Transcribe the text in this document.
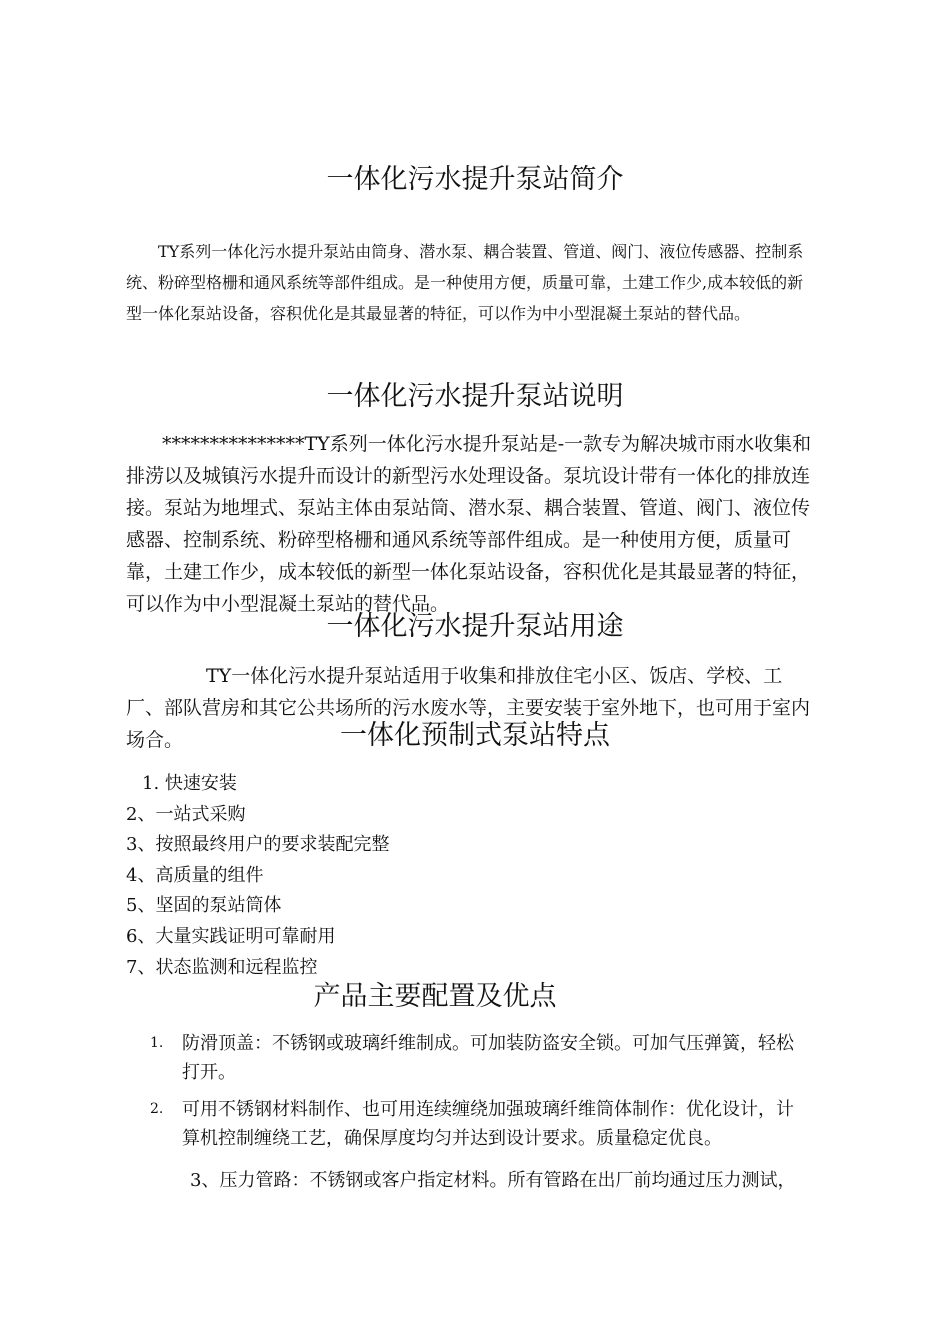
一体化污水提升泵站简介

TY系列一体化污水提升泵站由筒身、潜水泵、耦合装置、管道、阀门、液位传感器、控制系统、粉碎型格栅和通风系统等部件组成。是一种使用方便，质量可靠，土建工作少,成本较低的新型一体化泵站设备，容积优化是其最显著的特征，可以作为中小型混凝土泵站的替代品。

一体化污水提升泵站说明

***************TY系列一体化污水提升泵站是-一款专为解决城市雨水收集和排涝以及城镇污水提升而设计的新型污水处理设备。泵坑设计带有一体化的排放连接。泵站为地埋式、泵站主体由泵站筒、潜水泵、耦合装置、管道、阀门、液位传感器、控制系统、粉碎型格栅和通风系统等部件组成。是一种使用方便，质量可靠，土建工作少，成本较低的新型一体化泵站设备，容积优化是其最显著的特征，可以作为中小型混凝土泵站的替代品。

一体化污水提升泵站用途

TY一体化污水提升泵站适用于收集和排放住宅小区、饭店、学校、工厂、部队营房和其它公共场所的污水废水等，主要安装于室外地下，也可用于室内场合。	一体化预制式泵站特点
1. 快速安装
2、一站式采购
3、按照最终用户的要求装配完整
4、高质量的组件
5、坚固的泵站筒体
6、大量实践证明可靠耐用
7、状态监测和远程监控
产品主要配置及优点
1.	防滑顶盖：不锈钢或玻璃纤维制成。可加装防盗安全锁。可加气压弹簧，轻松打开。
2.	可用不锈钢材料制作、也可用连续缠绕加强玻璃纤维筒体制作：优化设计，计算机控制缠绕工艺，确保厚度均匀并达到设计要求。质量稳定优良。

3、压力管路：不锈钢或客户指定材料。所有管路在出厂前均通过压力测试，
